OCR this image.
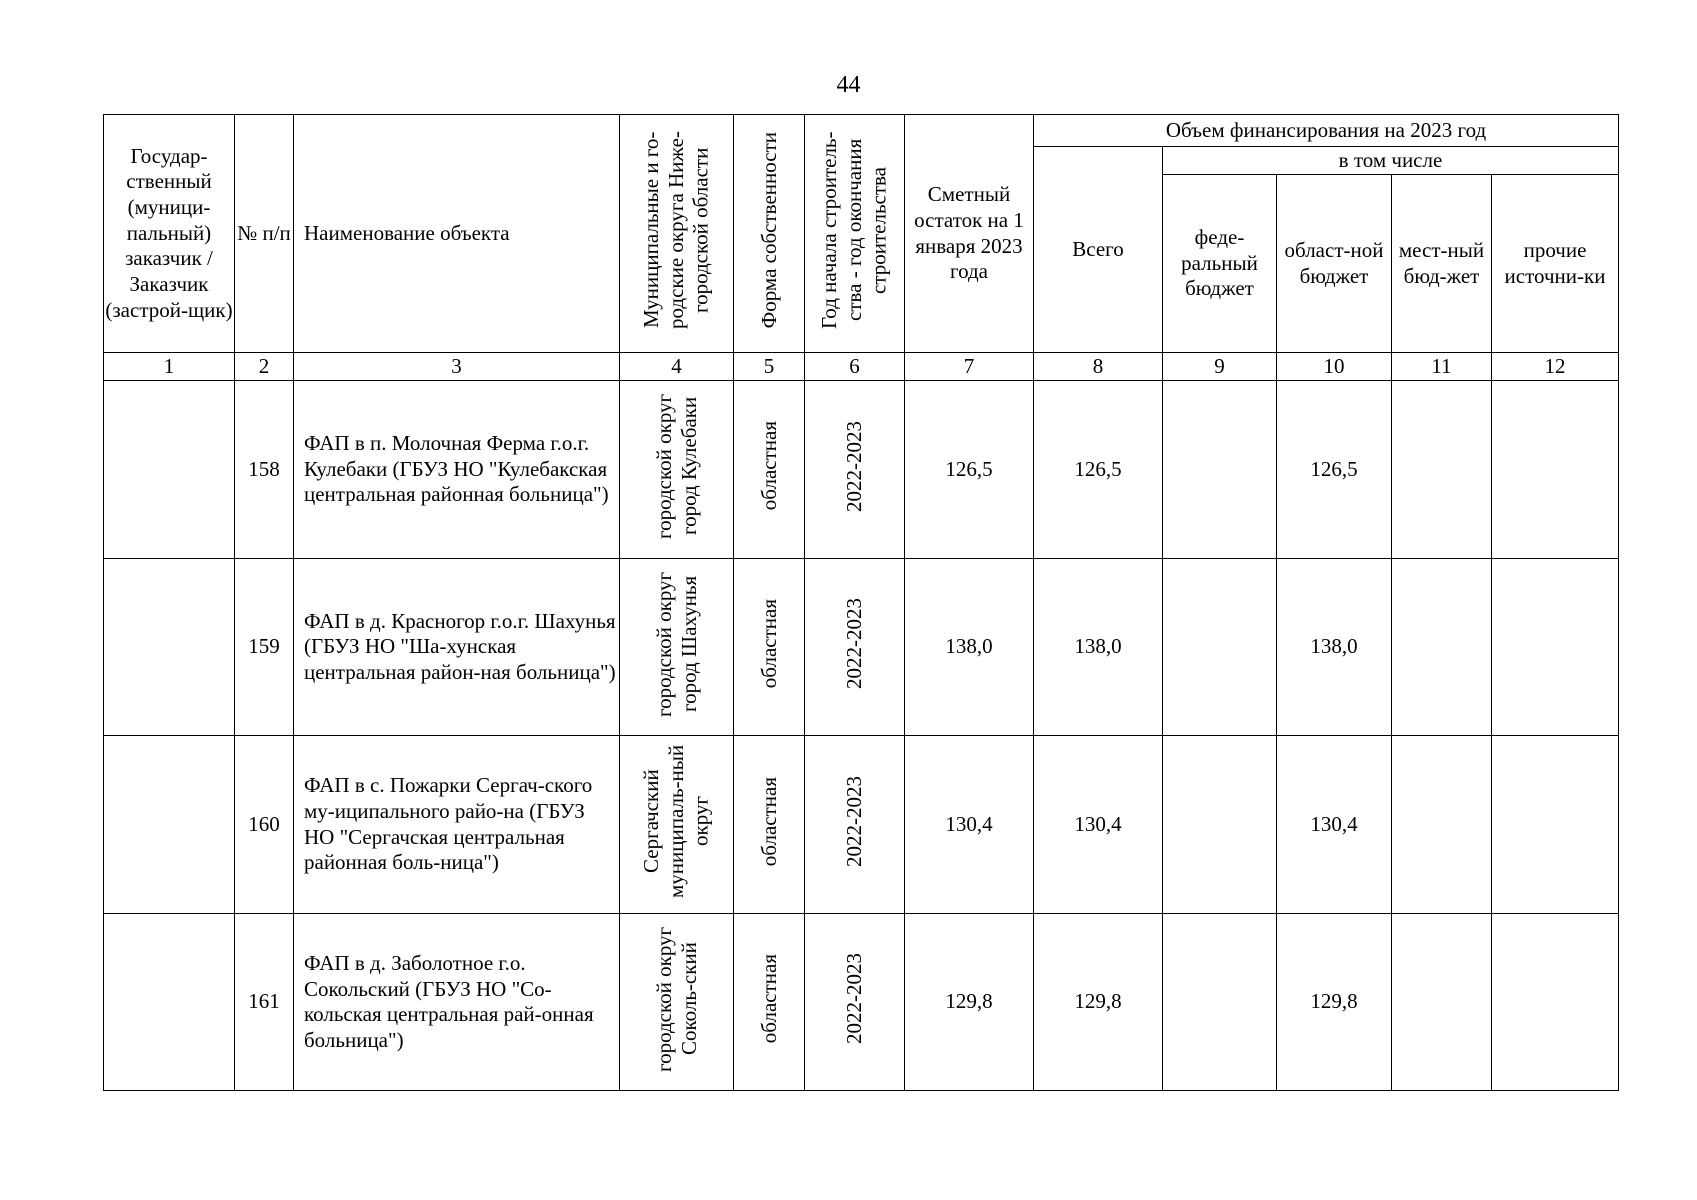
44
Государ-ственный (муници-пальный) заказчик / Заказчик (застрой-щик)	№ п/п	Наименование объекта	Муниципальные и го-родские округа Ниже-городской области	Форма собственности	Год начала строитель-ства - год окончания строительства	Сметный остаток на 1 января 2023 года	Объем финансирования на 2023 год				
							Всего	в том числе			
								феде-ральный бюджет	област-ной бюджет	мест-ный бюд-жет	прочие источни-ки
1	2	3	4	5	6	7	8	9	10	11	12
	158	ФАП в п. Молочная Ферма г.о.г. Кулебаки (ГБУЗ НО "Кулебакская центральная районная больница")	городской округ город Кулебаки	областная	2022-2023	126,5	126,5		126,5		
	159	ФАП в д. Красногор г.о.г. Шахунья (ГБУЗ НО "Ша-хунская центральная район-ная больница")	городской округ город Шахунья	областная	2022-2023	138,0	138,0		138,0		
	160	ФАП в с. Пожарки Сергач-ского му-иципального райо-на (ГБУЗ НО "Сергачская центральная районная боль-ница")	Сергачский муниципаль-ный округ	областная	2022-2023	130,4	130,4		130,4		
	161	ФАП в д. Заболотное г.о. Сокольский (ГБУЗ НО "Со-кольская центральная рай-онная больница")	городской округ Соколь-ский	областная	2022-2023	129,8	129,8		129,8		
